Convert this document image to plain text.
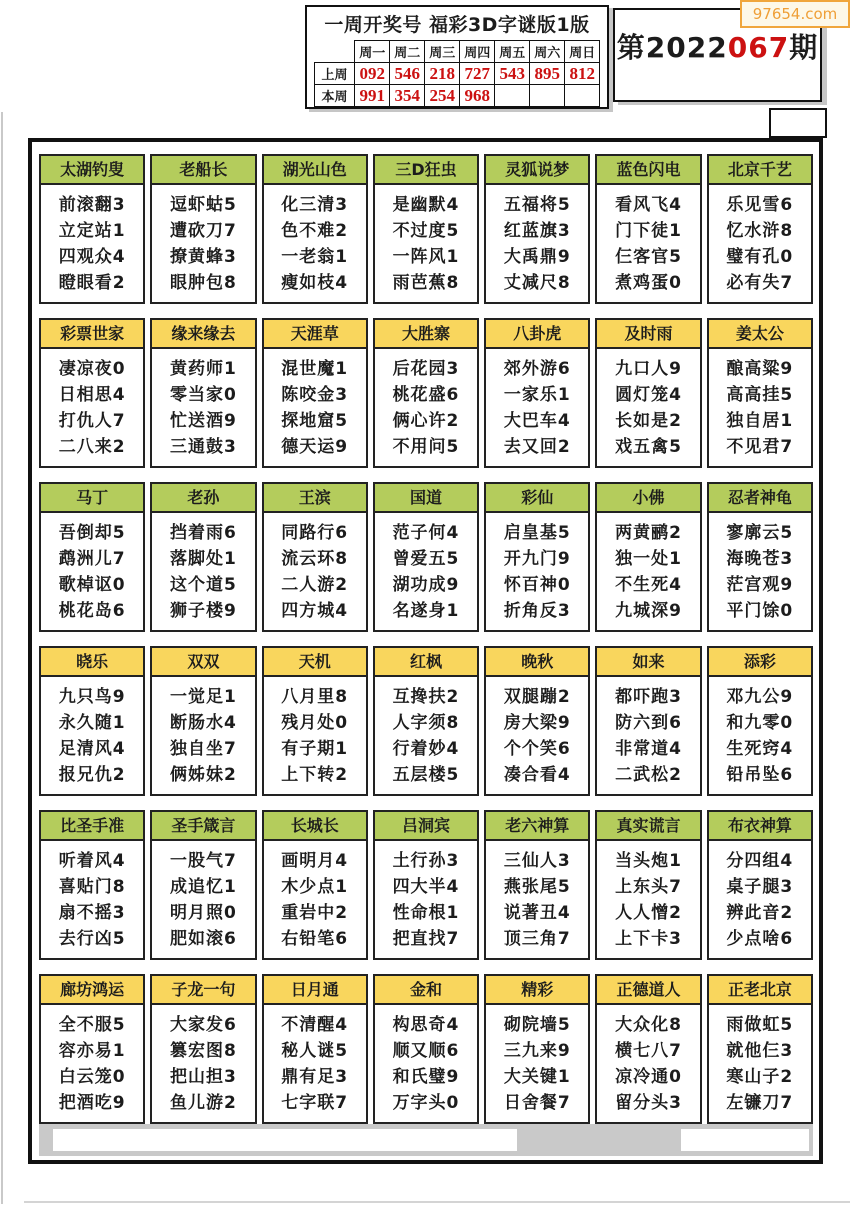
97654.com
一周开奖号 福彩3D字谜版1版
	周一	周二	周三	周四	周五	周六	周日
上周	092	546	218	727	543	895	812
本周	991	354	254	968			
第2022067期
太湖钓叟
前滚翻3
立定站1
四观众4
瞪眼看2
老船长
逗虾蛄5
遭砍刀7
撩黄蜂3
眼肿包8
湖光山色
化三清3
色不难2
一老翁1
瘦如枝4
三D狂虫
是幽默4
不过度5
一阵风1
雨芭蕉8
灵狐说梦
五福将5
红蓝旗3
大禹鼎9
丈减尺8
蓝色闪电
看风飞4
门下徒1
仨客官5
煮鸡蛋0
北京千艺
乐见雪6
忆水浒8
璧有孔0
必有失7
彩票世家
凄凉夜0
日相思4
打仇人7
二八来2
缘来缘去
黄药师1
零当家0
忙送酒9
三通鼓3
天涯草
混世魔1
陈咬金3
探地窟5
德天运9
大胜寨
后花园3
桃花盛6
俩心许2
不用问5
八卦虎
郊外游6
一家乐1
大巴车4
去又回2
及时雨
九口人9
圆灯笼4
长如是2
戏五禽5
姜太公
酿高粱9
高高挂5
独自居1
不见君7
马丁
吾倒却5
鹉洲儿7
歌棹讴0
桃花岛6
老孙
挡着雨6
落脚处1
这个道5
狮子楼9
王滨
同路行6
流云环8
二人游2
四方城4
国道
范子何4
曾爱五5
湖功成9
名遂身1
彩仙
启皇基5
开九门9
怀百神0
折角反3
小佛
两黄鹂2
独一处1
不生死4
九城深9
忍者神龟
寥廓云5
海晚苍3
茫宫观9
平门馀0
晓乐
九只鸟9
永久随1
足清风4
报兄仇2
双双
一觉足1
断肠水4
独自坐7
俩姊妹2
天机
八月里8
残月处0
有子期1
上下转2
红枫
互搀扶2
人字须8
行着妙4
五层楼5
晚秋
双腿蹦2
房大梁9
个个笑6
凑合看4
如来
都吓跑3
防六到6
非常道4
二武松2
添彩
邓九公9
和九零0
生死窍4
铅吊坠6
比圣手准
听着风4
喜贴门8
扇不摇3
去行凶5
圣手箴言
一股气7
成追忆1
明月照0
肥如滚6
长城长
画明月4
木少点1
重岩中2
右铅笔6
吕洞宾
土行孙3
四大半4
性命根1
把直找7
老六神算
三仙人3
燕张尾5
说著丑4
顶三角7
真实谎言
当头炮1
上东头7
人人憎2
上下卡3
布衣神算
分四组4
桌子腿3
辨此音2
少点啥6
廊坊鸿运
全不服5
容亦易1
白云笼0
把酒吃9
子龙一句
大家发6
篡宏图8
把山担3
鱼儿游2
日月通
不清醒4
秘人谜5
鼎有足3
七字联7
金和
构思奇4
顺又顺6
和氏璧9
万字头0
精彩
砌院墙5
三九来9
大关键1
日舍餐7
正德道人
大众化8
横七八7
凉冷通0
留分头3
正老北京
雨做虹5
就他仨3
寒山子2
左镰刀7
